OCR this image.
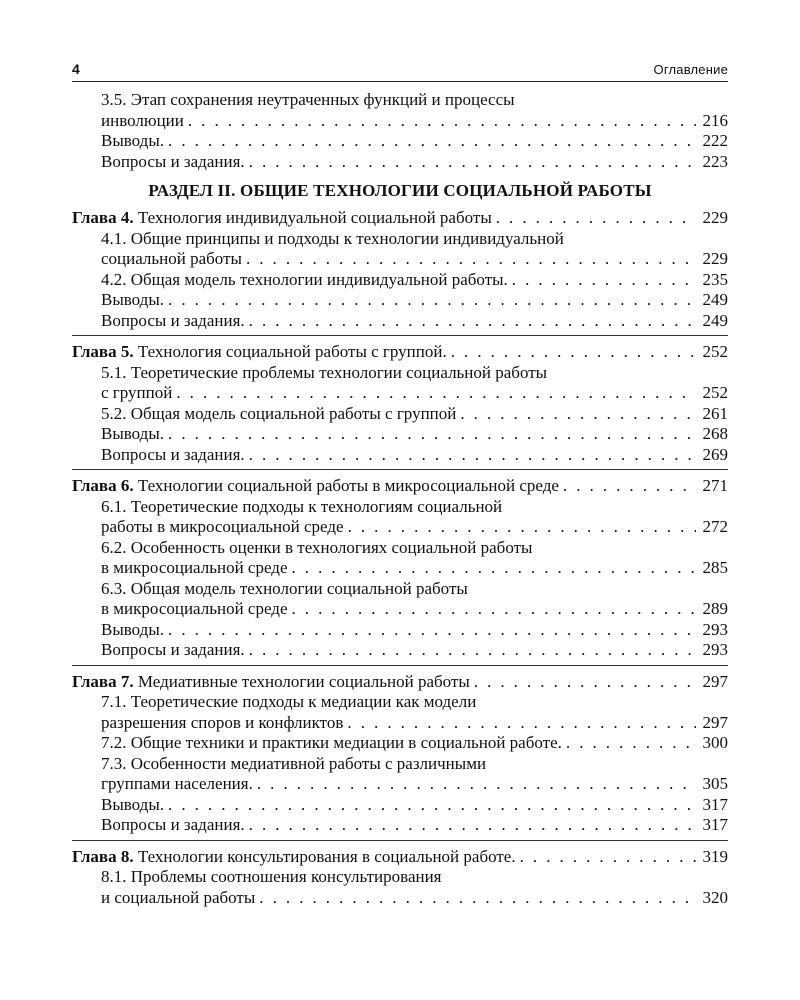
4	Оглавление
3.5. Этап сохранения неутраченных функций и процессы
инволюции . . .	216
Выводы. . . .	222
Вопросы и задания. . . .	223
РАЗДЕЛ II. ОБЩИЕ ТЕХНОЛОГИИ СОЦИАЛЬНОЙ РАБОТЫ
Глава 4. Технология индивидуальной социальной работы . . .	229
4.1. Общие принципы и подходы к технологии индивидуальной
социальной работы . . .	229
4.2. Общая модель технологии индивидуальной работы. . . .	235
Выводы. . . .	249
Вопросы и задания. . . .	249
Глава 5. Технология социальной работы с группой. . . .	252
5.1. Теоретические проблемы технологии социальной работы
с группой . . .	252
5.2. Общая модель социальной работы с группой . . .	261
Выводы. . . .	268
Вопросы и задания. . . .	269
Глава 6. Технологии социальной работы в микросоциальной среде . . .	271
6.1. Теоретические подходы к технологиям социальной
работы в микросоциальной среде . . .	272
6.2. Особенность оценки в технологиях социальной работы
в микросоциальной среде . . .	285
6.3. Общая модель технологии социальной работы
в микросоциальной среде . . .	289
Выводы. . . .	293
Вопросы и задания. . . .	293
Глава 7. Медиативные технологии социальной работы . . .	297
7.1. Теоретические подходы к медиации как модели
разрешения споров и конфликтов . . .	297
7.2. Общие техники и практики медиации в социальной работе. . . .	300
7.3. Особенности медиативной работы с различными
группами населения. . . .	305
Выводы. . . .	317
Вопросы и задания. . . .	317
Глава 8. Технологии консультирования в социальной работе. . . .	319
8.1. Проблемы соотношения консультирования
и социальной работы . . .	320
